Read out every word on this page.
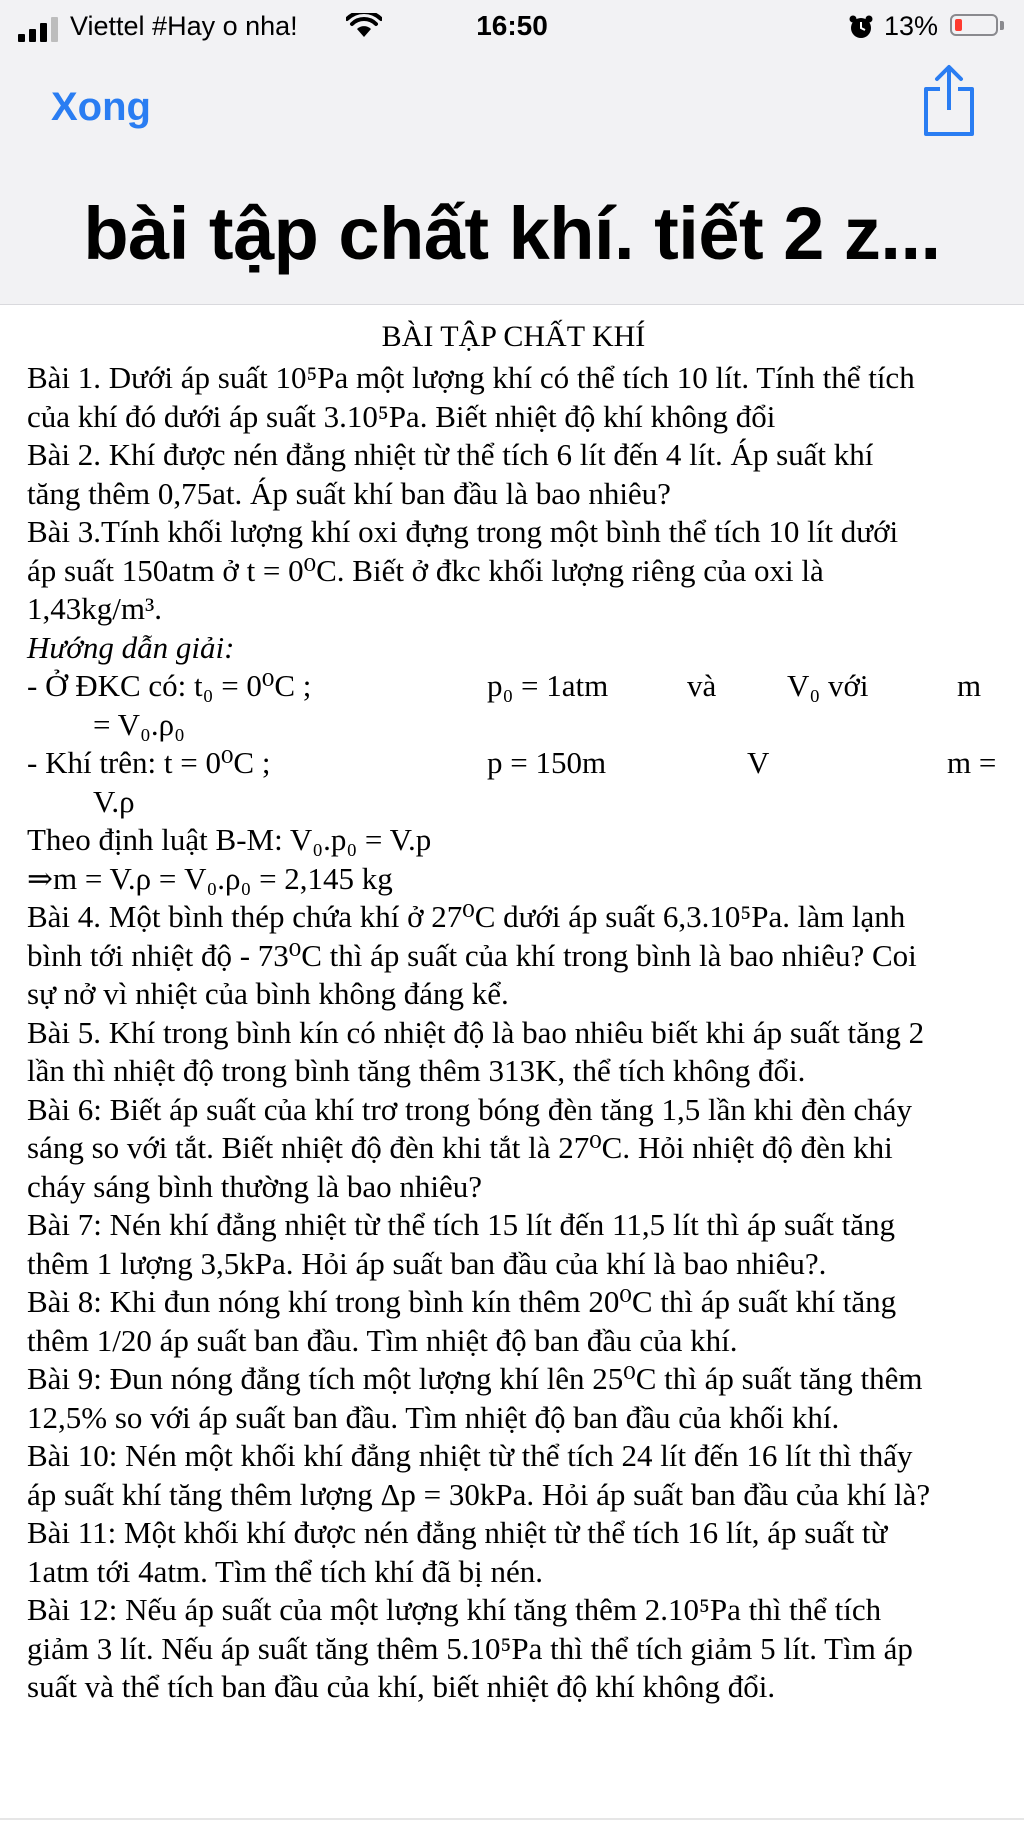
Viettel #Hay o nha!	16:50	13%
Xong
bài tập chất khí. tiết 2 z...
BÀI TẬP CHẤT KHÍ

Bài 1. Dưới áp suất 10⁵Pa một lượng khí có thể tích 10 lít. Tính thể tích

của khí đó dưới áp suất 3.10⁵Pa. Biết nhiệt độ khí không đổi

Bài 2. Khí được nén đẳng nhiệt từ thể tích 6 lít đến 4 lít. Áp suất khí

tăng thêm 0,75at. Áp suất khí ban đầu là bao nhiêu?

Bài 3.Tính khối lượng khí oxi đựng trong một bình thể tích 10 lít dưới

áp suất 150atm ở t = 0⁰C. Biết ở đkc khối lượng riêng của oxi là

1,43kg/m³.

Hướng dẫn giải:

- Ở ĐKC có: t₀ = 0⁰C ;	p₀ = 1atm	và	V₀ với	m

= V₀.ρ₀

- Khí trên: t = 0⁰C ;	p = 150m	V	m =

V.ρ

Theo định luật B-M: V₀.p₀ = V.p

⇒m = V.ρ = V₀.ρ₀ = 2,145 kg

Bài 4. Một bình thép chứa khí ở 27⁰C dưới áp suất 6,3.10⁵Pa. làm lạnh

bình tới nhiệt độ - 73⁰C thì áp suất của khí trong bình là bao nhiêu? Coi

sự nở vì nhiệt của bình không đáng kể.

Bài 5. Khí trong bình kín có nhiệt độ là bao nhiêu biết khi áp suất tăng 2

lần thì nhiệt độ trong bình tăng thêm 313K, thể tích không đổi.

Bài 6: Biết áp suất của khí trơ trong bóng đèn tăng 1,5 lần khi đèn cháy

sáng so với tắt. Biết nhiệt độ đèn khi tắt là 27⁰C. Hỏi nhiệt độ đèn khi

cháy sáng bình thường là bao nhiêu?

Bài 7: Nén khí đẳng nhiệt từ thể tích 15 lít đến 11,5 lít thì áp suất tăng

thêm 1 lượng 3,5kPa. Hỏi áp suất ban đầu của khí là bao nhiêu?.

Bài 8: Khi đun nóng khí trong bình kín thêm 20⁰C thì áp suất khí tăng

thêm 1/20 áp suất ban đầu. Tìm nhiệt độ ban đầu của khí.

Bài 9: Đun nóng đẳng tích một lượng khí lên 25⁰C thì áp suất tăng thêm

12,5% so với áp suất ban đầu. Tìm nhiệt độ ban đầu của khối khí.

Bài 10: Nén một khối khí đẳng nhiệt từ thể tích 24 lít đến 16 lít thì thấy

áp suất khí tăng thêm lượng Δp = 30kPa. Hỏi áp suất ban đầu của khí là?

Bài 11: Một khối khí được nén đẳng nhiệt từ thể tích 16 lít, áp suất từ

1atm tới 4atm. Tìm thể tích khí đã bị nén.

Bài 12: Nếu áp suất của một lượng khí tăng thêm 2.10⁵Pa thì thể tích

giảm 3 lít. Nếu áp suất tăng thêm 5.10⁵Pa thì thể tích giảm 5 lít. Tìm áp

suất và thể tích ban đầu của khí, biết nhiệt độ khí không đổi.
